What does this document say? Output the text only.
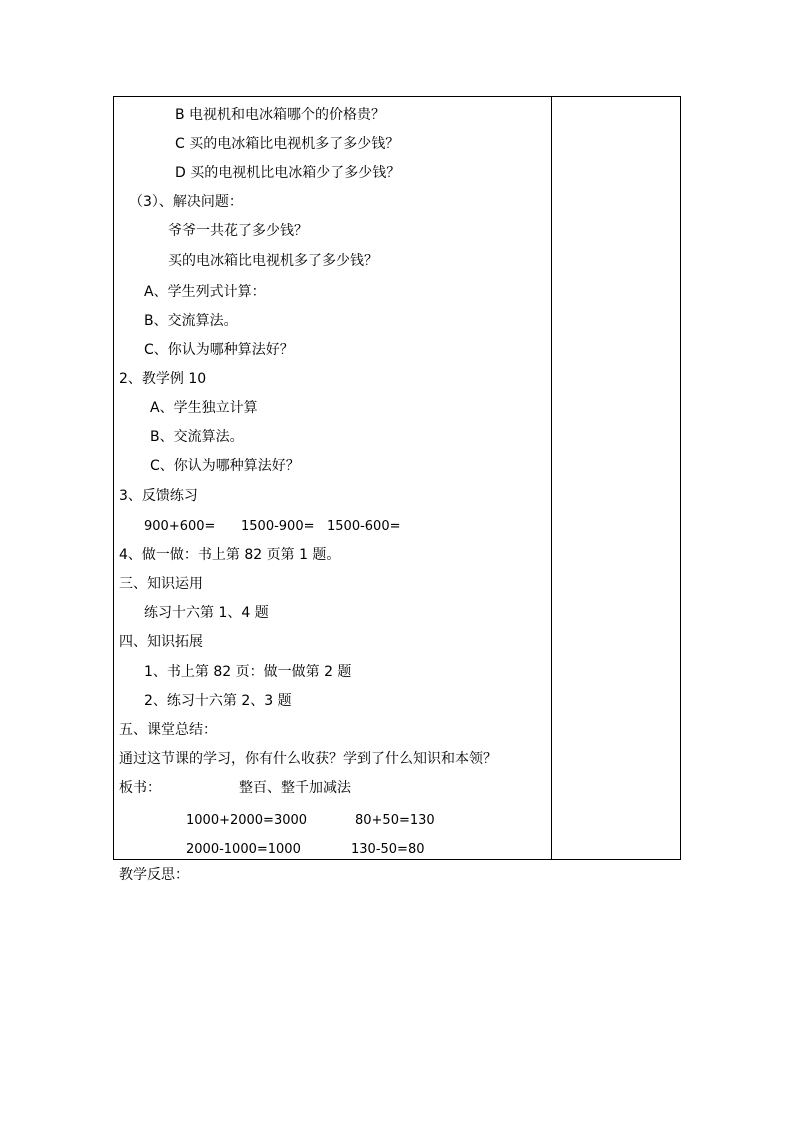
B 电视机和电冰箱哪个的价格贵？
C 买的电冰箱比电视机多了多少钱？
D 买的电视机比电冰箱少了多少钱？
（3）、解决问题：
爷爷一共花了多少钱？
买的电冰箱比电视机多了多少钱？
A、学生列式计算：
B、交流算法。
C、你认为哪种算法好？
2、教学例 10
A、学生独立计算
B、交流算法。
C、你认为哪种算法好？
3、反馈练习
900+600= 1500-900= 1500-600=
4、做一做：书上第 82 页第 1 题。
三、知识运用
练习十六第 1、4 题
四、知识拓展
1、书上第 82 页：做一做第 2 题
2、练习十六第 2、3 题
五、课堂总结：
通过这节课的学习，你有什么收获？学到了什么知识和本领？
板书：	整百、整千加减法
1000+2000=3000	80+50=130
2000-1000=1000	130-50=80
教学反思：
